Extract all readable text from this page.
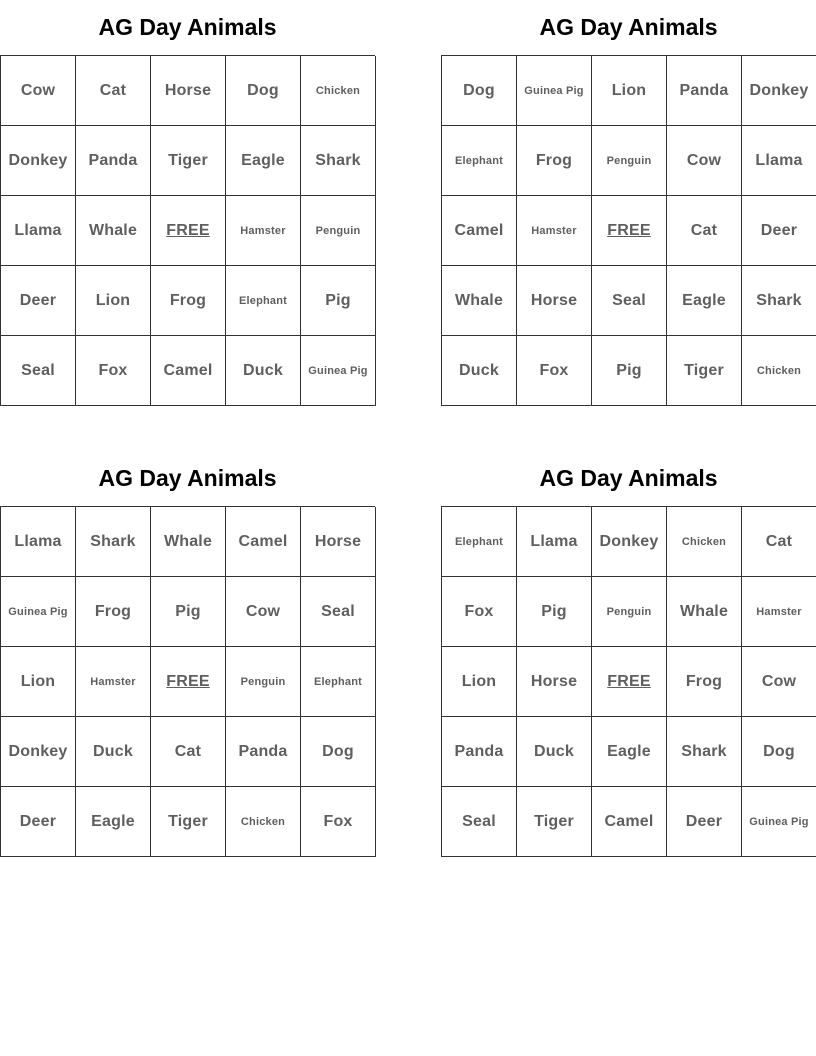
AG Day Animals
Cow	Cat	Horse	Dog	Chicken
Donkey	Panda	Tiger	Eagle	Shark
Llama	Whale	FREE	Hamster	Penguin
Deer	Lion	Frog	Elephant	Pig
Seal	Fox	Camel	Duck	Guinea Pig
AG Day Animals
Dog	Guinea Pig	Lion	Panda	Donkey
Elephant	Frog	Penguin	Cow	Llama
Camel	Hamster	FREE	Cat	Deer
Whale	Horse	Seal	Eagle	Shark
Duck	Fox	Pig	Tiger	Chicken
AG Day Animals
Llama	Shark	Whale	Camel	Horse
Guinea Pig	Frog	Pig	Cow	Seal
Lion	Hamster	FREE	Penguin	Elephant
Donkey	Duck	Cat	Panda	Dog
Deer	Eagle	Tiger	Chicken	Fox
AG Day Animals
Elephant	Llama	Donkey	Chicken	Cat
Fox	Pig	Penguin	Whale	Hamster
Lion	Horse	FREE	Frog	Cow
Panda	Duck	Eagle	Shark	Dog
Seal	Tiger	Camel	Deer	Guinea Pig
